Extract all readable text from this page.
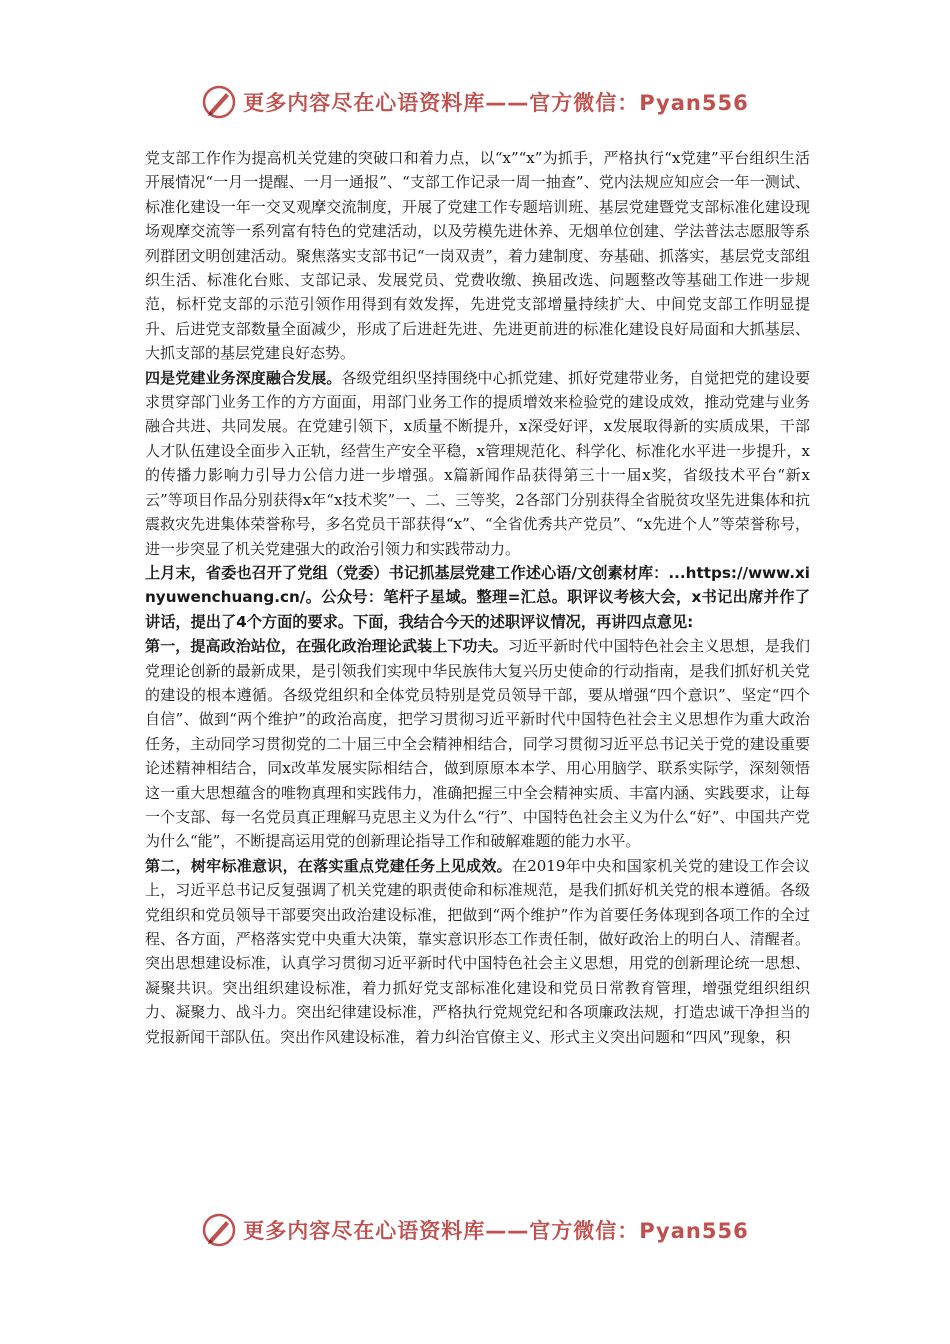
更多内容尽在心语资料库——官方微信：Pyan556

党支部工作作为提高机关党建的突破口和着力点，以“x”“x”为抓手，严格执行“x党建”平台组织生活开展情况“一月一提醒、一月一通报”、“支部工作记录一周一抽查”、党内法规应知应会一年一测试、标准化建设一年一交叉观摩交流制度，开展了党建工作专题培训班、基层党建暨党支部标准化建设现场观摩交流等一系列富有特色的党建活动，以及劳模先进休养、无烟单位创建、学法普法志愿服等系列群团文明创建活动。聚焦落实支部书记“一岗双责”，着力建制度、夯基础、抓落实，基层党支部组织生活、标准化台账、支部记录、发展党员、党费收缴、换届改选、问题整改等基础工作进一步规范，标杆党支部的示范引领作用得到有效发挥，先进党支部增量持续扩大、中间党支部工作明显提升、后进党支部数量全面减少，形成了后进赶先进、先进更前进的标准化建设良好局面和大抓基层、大抓支部的基层党建良好态势。

四是党建业务深度融合发展。各级党组织坚持围绕中心抓党建、抓好党建带业务，自觉把党的建设要求贯穿部门业务工作的方方面面，用部门业务工作的提质增效来检验党的建设成效，推动党建与业务融合共进、共同发展。在党建引领下，x质量不断提升，x深受好评，x发展取得新的实质成果，干部人才队伍建设全面步入正轨，经营生产安全平稳，x管理规范化、科学化、标准化水平进一步提升，x的传播力影响力引导力公信力进一步增强。x篇新闻作品获得第三十一届x奖，省级技术平台“新x云”等项目作品分别获得x年“x技术奖”一、二、三等奖，2各部门分别获得全省脱贫攻坚先进集体和抗震救灾先进集体荣誉称号，多名党员干部获得“x”、“全省优秀共产党员”、“x先进个人”等荣誉称号，进一步突显了机关党建强大的政治引领力和实践带动力。

上月末，省委也召开了党组（党委）书记抓基层党建工作述心语/文创素材库：...https://www.xinyuwenchuang.cn/。公众号：笔杆子星域。整理=汇总。职评议考核大会，x书记出席并作了讲话，提出了4个方面的要求。下面，我结合今天的述职评议情况，再讲四点意见:

第一，提高政治站位，在强化政治理论武装上下功夫。习近平新时代中国特色社会主义思想，是我们党理论创新的最新成果，是引领我们实现中华民族伟大复兴历史使命的行动指南，是我们抓好机关党的建设的根本遵循。各级党组织和全体党员特别是党员领导干部，要从增强“四个意识”、坚定“四个自信”、做到“两个维护”的政治高度，把学习贯彻习近平新时代中国特色社会主义思想作为重大政治任务，主动同学习贯彻党的二十届三中全会精神相结合，同学习贯彻习近平总书记关于党的建设重要论述精神相结合，同x改革发展实际相结合，做到原原本本学、用心用脑学、联系实际学，深刻领悟这一重大思想蕴含的唯物真理和实践伟力，准确把握三中全会精神实质、丰富内涵、实践要求，让每一个支部、每一名党员真正理解马克思主义为什么“行”、中国特色社会主义为什么“好”、中国共产党为什么“能”，不断提高运用党的创新理论指导工作和破解难题的能力水平。

第二，树牢标准意识，在落实重点党建任务上见成效。在2019年中央和国家机关党的建设工作会议上，习近平总书记反复强调了机关党建的职责使命和标准规范，是我们抓好机关党的根本遵循。各级党组织和党员领导干部要突出政治建设标准，把做到“两个维护”作为首要任务体现到各项工作的全过程、各方面，严格落实党中央重大决策，靠实意识形态工作责任制，做好政治上的明白人、清醒者。突出思想建设标准，认真学习贯彻习近平新时代中国特色社会主义思想，用党的创新理论统一思想、凝聚共识。突出组织建设标准，着力抓好党支部标准化建设和党员日常教育管理，增强党组织组织力、凝聚力、战斗力。突出纪律建设标准，严格执行党规党纪和各项廉政法规，打造忠诚干净担当的党报新闻干部队伍。突出作风建设标准，着力纠治官僚主义、形式主义突出问题和“四风”现象，积

更多内容尽在心语资料库——官方微信：Pyan556
